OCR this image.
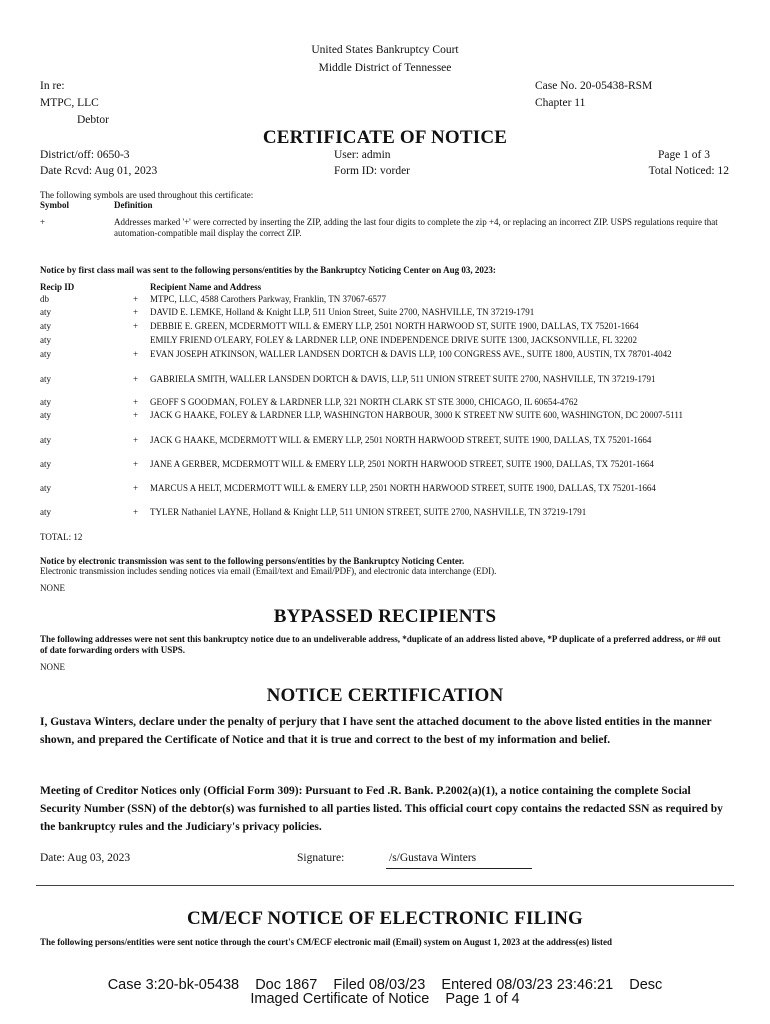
United States Bankruptcy Court
Middle District of Tennessee
In re:
MTPC, LLC
Debtor
Case No. 20-05438-RSM
Chapter 11
CERTIFICATE OF NOTICE
District/off: 0650-3	User: admin	Page 1 of 3
Date Rcvd: Aug 01, 2023	Form ID: vorder	Total Noticed: 12
The following symbols are used throughout this certificate:
Symbol	Definition
+	Addresses marked '+' were corrected by inserting the ZIP, adding the last four digits to complete the zip +4, or replacing an incorrect ZIP. USPS regulations require that automation-compatible mail display the correct ZIP.
Notice by first class mail was sent to the following persons/entities by the Bankruptcy Noticing Center on Aug 03, 2023:
Recip ID	Recipient Name and Address
db	+ MTPC, LLC, 4588 Carothers Parkway, Franklin, TN 37067-6577
aty	+ DAVID E. LEMKE, Holland & Knight LLP, 511 Union Street, Suite 2700, NASHVILLE, TN 37219-1791
aty	+ DEBBIE E. GREEN, MCDERMOTT WILL & EMERY LLP, 2501 NORTH HARWOOD ST, SUITE 1900, DALLAS, TX 75201-1664
aty	EMILY FRIEND O'LEARY, FOLEY & LARDNER LLP, ONE INDEPENDENCE DRIVE SUITE 1300, JACKSONVILLE, FL 32202
aty	+ EVAN JOSEPH ATKINSON, WALLER LANDSEN DORTCH & DAVIS LLP, 100 CONGRESS AVE., SUITE 1800, AUSTIN, TX 78701-4042
aty	+ GABRIELA SMITH, WALLER LANSDEN DORTCH & DAVIS, LLP, 511 UNION STREET SUITE 2700, NASHVILLE, TN 37219-1791
aty	+ GEOFF S GOODMAN, FOLEY & LARDNER LLP, 321 NORTH CLARK ST STE 3000, CHICAGO, IL 60654-4762
aty	+ JACK G HAAKE, FOLEY & LARDNER LLP, WASHINGTON HARBOUR, 3000 K STREET NW SUITE 600, WASHINGTON, DC 20007-5111
aty	+ JACK G HAAKE, MCDERMOTT WILL & EMERY LLP, 2501 NORTH HARWOOD STREET, SUITE 1900, DALLAS, TX 75201-1664
aty	+ JANE A GERBER, MCDERMOTT WILL & EMERY LLP, 2501 NORTH HARWOOD STREET, SUITE 1900, DALLAS, TX 75201-1664
aty	+ MARCUS A HELT, MCDERMOTT WILL & EMERY LLP, 2501 NORTH HARWOOD STREET, SUITE 1900, DALLAS, TX 75201-1664
aty	+ TYLER Nathaniel LAYNE, Holland & Knight LLP, 511 UNION STREET, SUITE 2700, NASHVILLE, TN 37219-1791
TOTAL: 12
Notice by electronic transmission was sent to the following persons/entities by the Bankruptcy Noticing Center.
Electronic transmission includes sending notices via email (Email/text and Email/PDF), and electronic data interchange (EDI).
NONE
BYPASSED RECIPIENTS
The following addresses were not sent this bankruptcy notice due to an undeliverable address, *duplicate of an address listed above, *P duplicate of a preferred address, or ## out of date forwarding orders with USPS.
NONE
NOTICE CERTIFICATION
I, Gustava Winters, declare under the penalty of perjury that I have sent the attached document to the above listed entities in the manner shown, and prepared the Certificate of Notice and that it is true and correct to the best of my information and belief.
Meeting of Creditor Notices only (Official Form 309): Pursuant to Fed .R. Bank. P.2002(a)(1), a notice containing the complete Social Security Number (SSN) of the debtor(s) was furnished to all parties listed. This official court copy contains the redacted SSN as required by the bankruptcy rules and the Judiciary's privacy policies.
Date: Aug 03, 2023	Signature:	/s/Gustava Winters
CM/ECF NOTICE OF ELECTRONIC FILING
The following persons/entities were sent notice through the court's CM/ECF electronic mail (Email) system on August 1, 2023 at the address(es) listed
Case 3:20-bk-05438    Doc 1867    Filed 08/03/23    Entered 08/03/23 23:46:21    Desc
Imaged Certificate of Notice    Page 1 of 4
